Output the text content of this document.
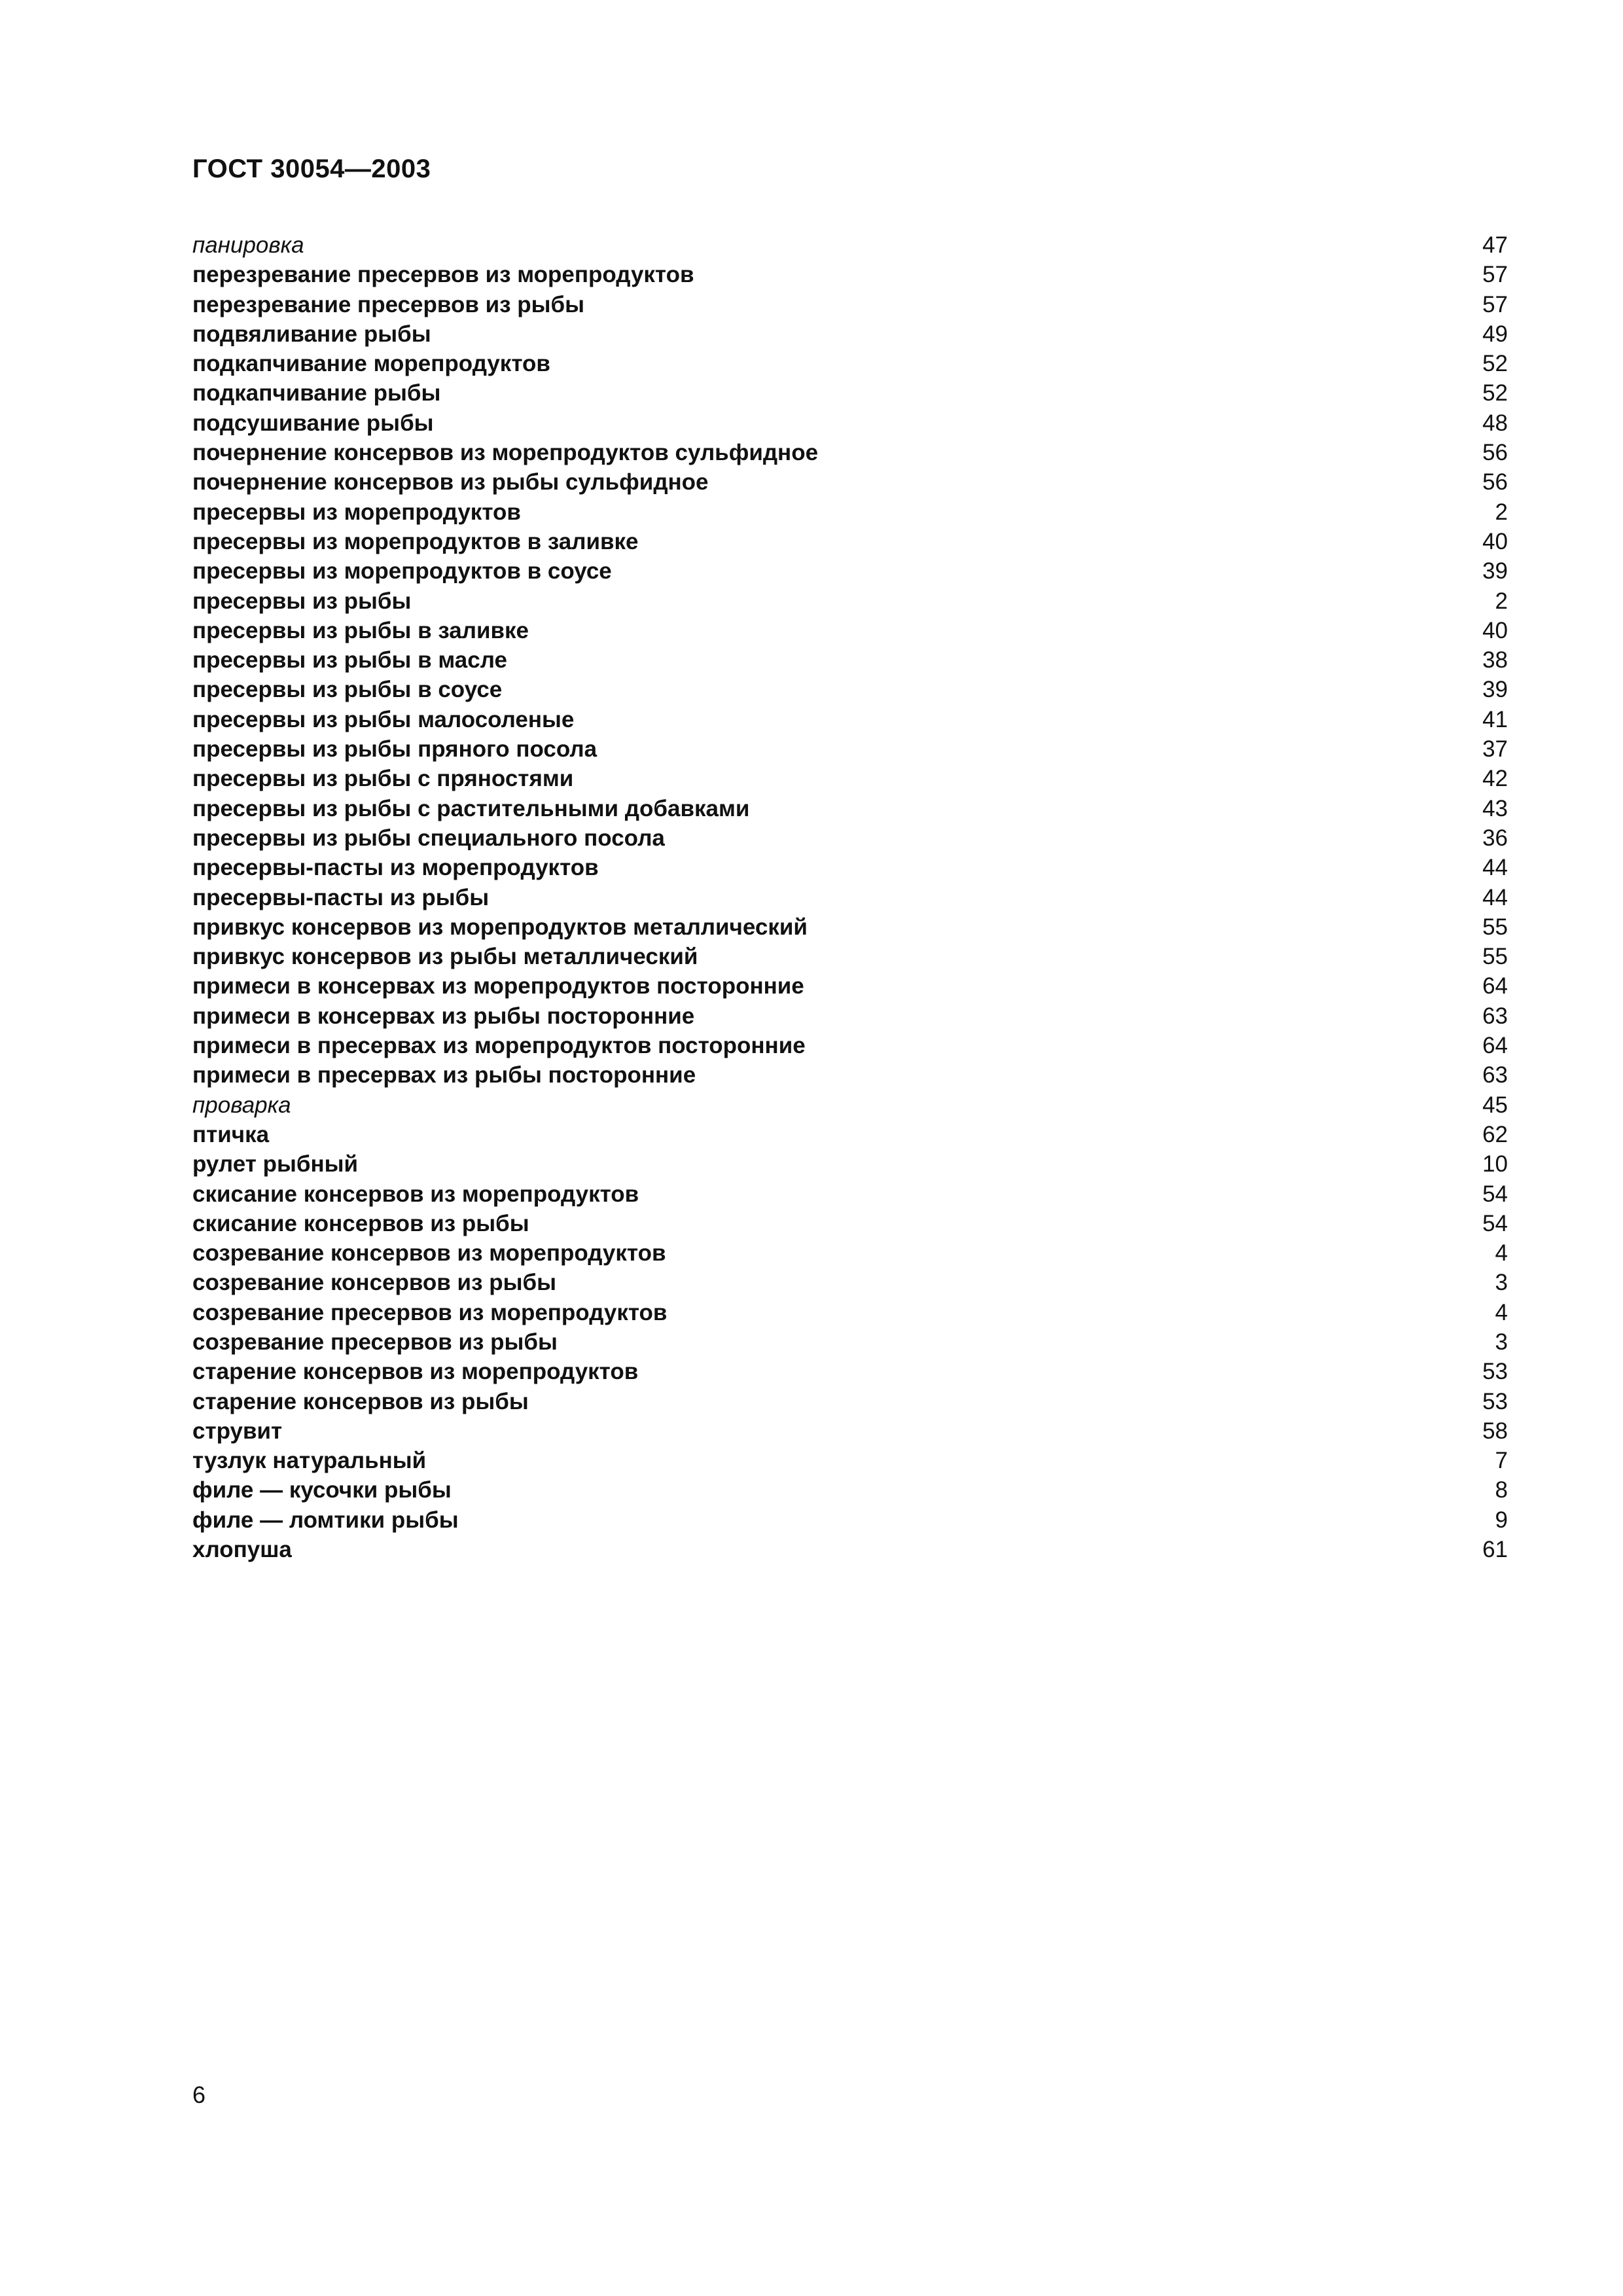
ГОСТ 30054—2003
панировка	47
перезревание пресервов из морепродуктов	57
перезревание пресервов из рыбы	57
подвяливание рыбы	49
подкапчивание морепродуктов	52
подкапчивание рыбы	52
подсушивание рыбы	48
почернение консервов из морепродуктов сульфидное	56
почернение консервов из рыбы сульфидное	56
пресервы из морепродуктов	2
пресервы из морепродуктов в заливке	40
пресервы из морепродуктов в соусе	39
пресервы из рыбы	2
пресервы из рыбы в заливке	40
пресервы из рыбы в масле	38
пресервы из рыбы в соусе	39
пресервы из рыбы малосоленые	41
пресервы из рыбы пряного посола	37
пресервы из рыбы с пряностями	42
пресервы из рыбы с растительными добавками	43
пресервы из рыбы специального посола	36
пресервы-пасты из морепродуктов	44
пресервы-пасты из рыбы	44
привкус консервов из морепродуктов металлический	55
привкус консервов из рыбы металлический	55
примеси в консервах из морепродуктов посторонние	64
примеси в консервах из рыбы посторонние	63
примеси в пресервах из морепродуктов посторонние	64
примеси в пресервах из рыбы посторонние	63
проварка	45
птичка	62
рулет рыбный	10
скисание консервов из морепродуктов	54
скисание консервов из рыбы	54
созревание консервов из морепродуктов	4
созревание консервов из рыбы	3
созревание пресервов из морепродуктов	4
созревание пресервов из рыбы	3
старение консервов из морепродуктов	53
старение консервов из рыбы	53
струвит	58
тузлук натуральный	7
филе — кусочки рыбы	8
филе — ломтики рыбы	9
хлопуша	61
6
